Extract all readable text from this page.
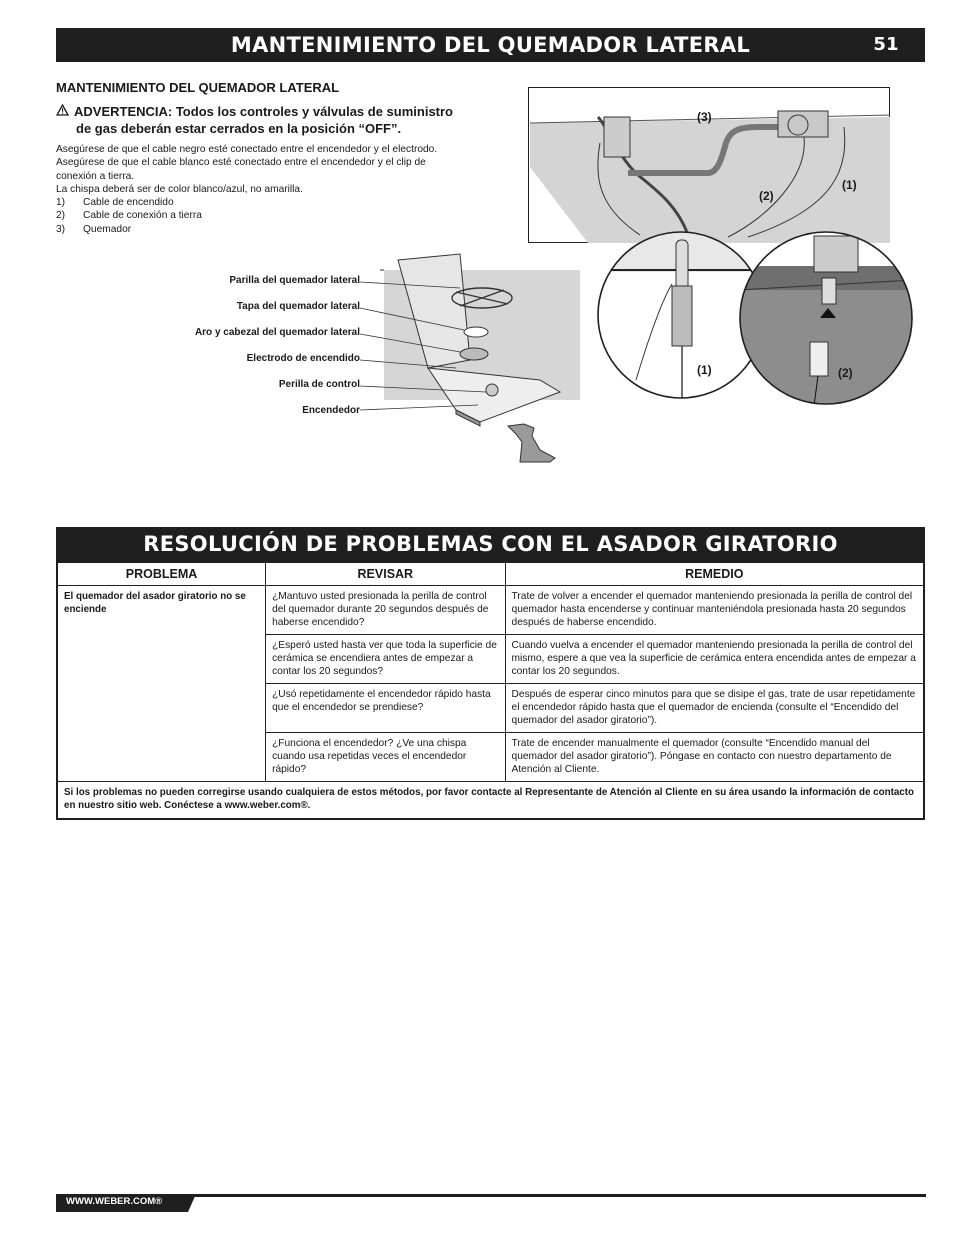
MANTENIMIENTO DEL QUEMADOR LATERAL	51
MANTENIMIENTO DEL QUEMADOR LATERAL
ADVERTENCIA: Todos los controles y válvulas de suministro
de gas deberán estar cerrados en la posición “OFF”.

Asegúrese de que el cable negro esté conectado entre el encendedor y el electrodo.

Asegúrese de que el cable blanco esté conectado entre el encendedor y el clip de

conexión a tierra.

La chispa deberá ser de color blanco/azul, no amarilla.

1)	Cable de encendido
2)	Cable de conexión a tierra
3)	Quemador
Parilla del quemador lateral
Tapa del quemador lateral
Aro y cabezal del quemador lateral
Electrodo de encendido
Perilla de control
Encendedor
(3)
(2)
(1)
(1)	(2)
RESOLUCIÓN DE PROBLEMAS CON EL ASADOR GIRATORIO
PROBLEMA	REVISAR	REMEDIO
El quemador del asador giratorio no se enciende	¿Mantuvo usted presionada la perilla de control del quemador durante 20 segundos después de haberse encendido?	Trate de volver a encender el quemador manteniendo presionada la perilla de control del quemador hasta encenderse y continuar manteniéndola presionada hasta 20 segundos después de haberse encendido.
	¿Esperó usted hasta ver que toda la superficie de cerámica se encendiera antes de empezar a contar los 20 segundos?	Cuando vuelva a encender el quemador manteniendo presionada la perilla de control del mismo, espere a que vea la superficie de cerámica entera encendida antes de empezar a contar los 20 segundos.
	¿Usó repetidamente el encendedor rápido hasta que el encendedor se prendiese?	Después de esperar cinco minutos para que se disipe el gas, trate de usar repetidamente el encendedor rápido hasta que el quemador de encienda (consulte el “Encendido del quemador del asador giratorio”).
	¿Funciona el encendedor? ¿Ve una chispa cuando usa repetidas veces el encendedor rápido?	Trate de encender manualmente el quemador (consulte “Encendido manual del quemador del asador giratorio”). Póngase en contacto con nuestro departamento de Atención al Cliente.
Si los problemas no pueden corregirse usando cualquiera de estos métodos, por favor contacte al Representante de Atención al Cliente en su área usando la información de contacto en nuestro sitio web. Conéctese a www.weber.com®.		
WWW.WEBER.COM®
